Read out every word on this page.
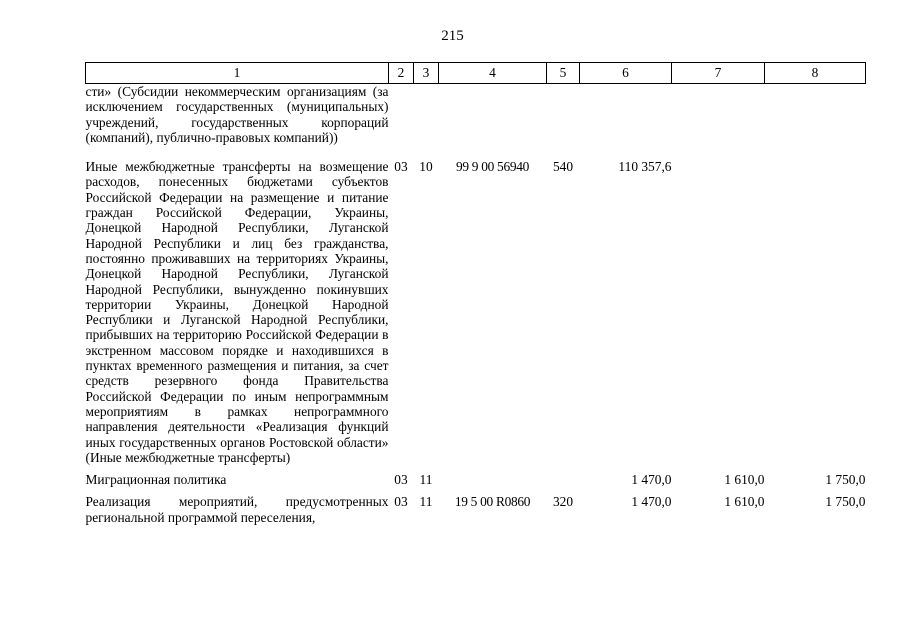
215
1	2	3	4	5	6	7	8
сти» (Субсидии некоммерческим организациям (за исключением государственных (муниципальных) учреждений, государственных корпораций (компаний), публично-правовых компаний))							

Иные межбюджетные трансферты на возмещение расходов, понесенных бюджетами субъектов Российской Федерации на размещение и питание граждан Российской Федерации, Украины, Донецкой Народной Республики, Луганской Народной Республики и лиц без гражданства, постоянно проживавших на территориях Украины, Донецкой Народной Республики, Луганской Народной Республики, вынужденно покинувших территории Украины, Донецкой Народной Республики и Луганской Народной Республики, прибывших на территорию Российской Федерации в экстренном массовом порядке и находившихся в пунктах временного размещения и питания, за счет средств резервного фонда Правительства Российской Федерации по иным непрограммным мероприятиям в рамках непрограммного направления деятельности «Реализация функций иных государственных органов Ростовской области» (Иные межбюджетные трансферты)	03	10	99 9 00 56940	540	110 357,6		

Миграционная политика	03	11			1 470,0	1 610,0	1 750,0

Реализация мероприятий, предусмотренных региональной программой переселения,	03	11	19 5 00 R0860	320	1 470,0	1 610,0	1 750,0
